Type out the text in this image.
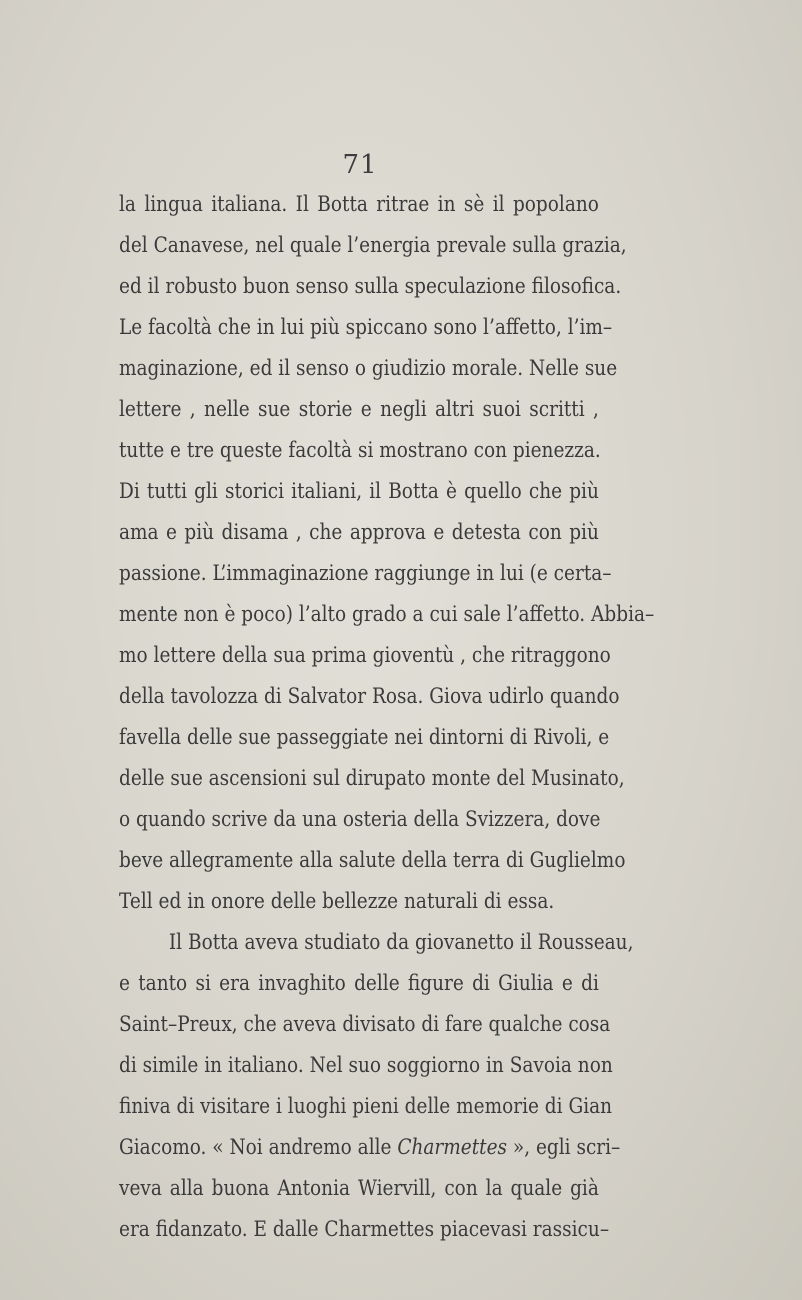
71
la lingua italiana. Il Botta ritrae in sè il popolano
del Canavese, nel quale l’energia prevale sulla grazia,
ed il robusto buon senso sulla speculazione filosofica.
Le facoltà che in lui più spiccano sono l’affetto, l’im–
maginazione, ed il senso o giudizio morale. Nelle sue
lettere , nelle sue storie e negli altri suoi scritti ,
tutte e tre queste facoltà si mostrano con pienezza.
Di tutti gli storici italiani, il Botta è quello che più
ama e più disama , che approva e detesta con più
passione. L’immaginazione raggiunge in lui (e certa–
mente non è poco) l’alto grado a cui sale l’affetto. Abbia–
mo lettere della sua prima gioventù , che ritraggono
della tavolozza di Salvator Rosa. Giova udirlo quando
favella delle sue passeggiate nei dintorni di Rivoli, e
delle sue ascensioni sul dirupato monte del Musinato,
o quando scrive da una osteria della Svizzera, dove
beve allegramente alla salute della terra di Guglielmo
Tell ed in onore delle bellezze naturali di essa.
Il Botta aveva studiato da giovanetto il Rousseau,
e tanto si era invaghito delle figure di Giulia e di
Saint–Preux, che aveva divisato di fare qualche cosa
di simile in italiano. Nel suo soggiorno in Savoia non
finiva di visitare i luoghi pieni delle memorie di Gian
Giacomo. « Noi andremo alle Charmettes », egli scri–
veva alla buona Antonia Wiervill, con la quale già
era fidanzato. E dalle Charmettes piacevasi rassicu–
